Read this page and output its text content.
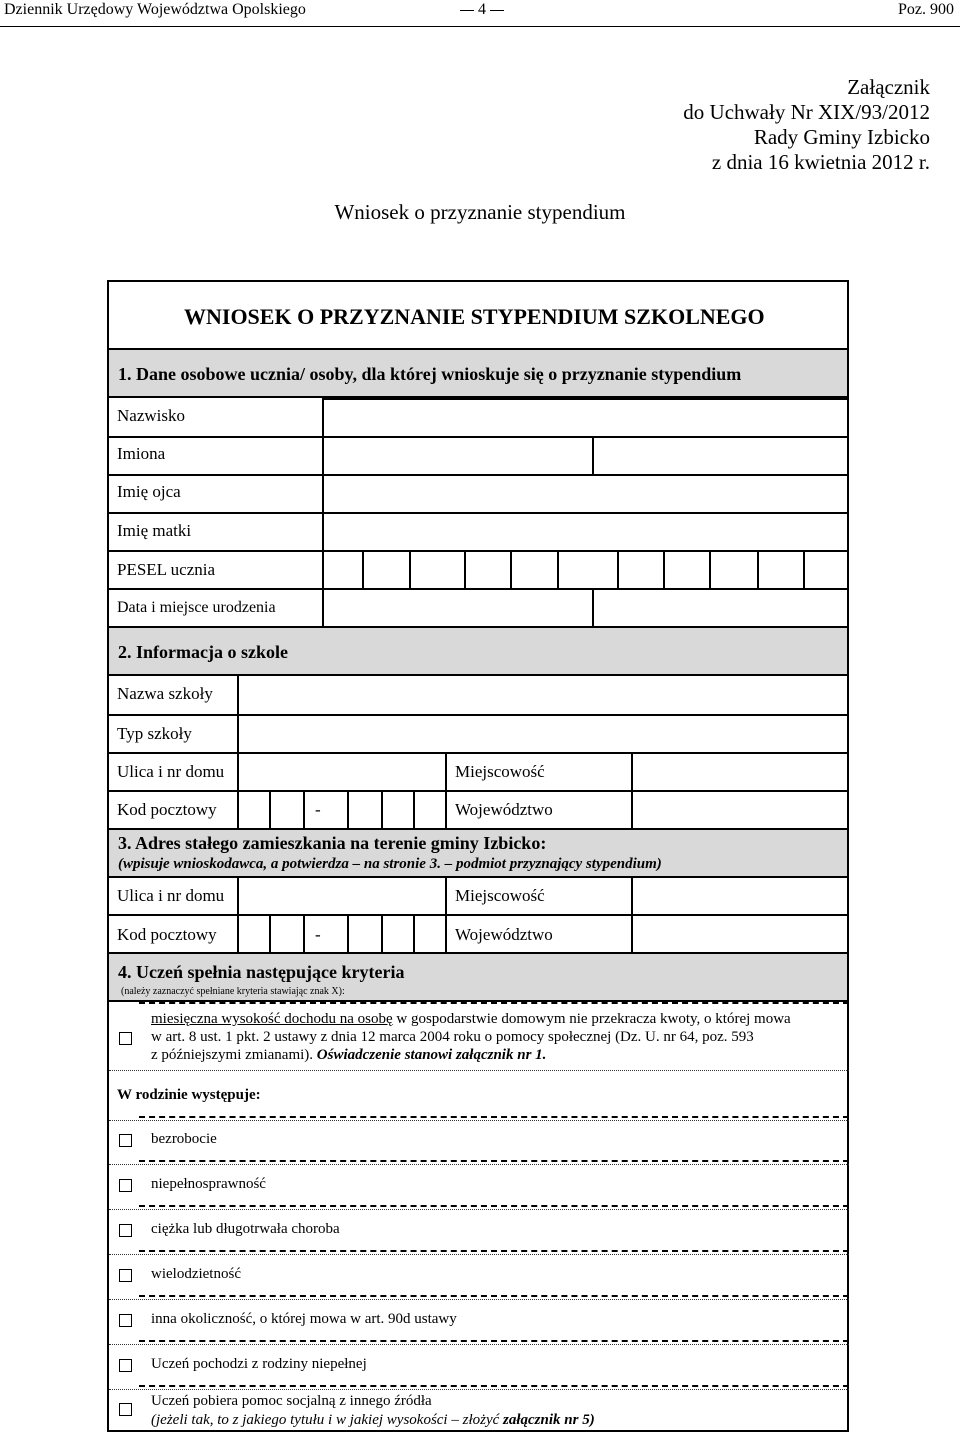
Dziennik Urzędowy Województwa Opolskiego	4	Poz. 900
Załącznik
do Uchwały Nr XIX/93/2012
Rady Gminy Izbicko
z dnia 16 kwietnia 2012 r.
Wniosek o przyznanie stypendium
WNIOSEK O PRZYZNANIE STYPENDIUM SZKOLNEGO
1. Dane osobowe ucznia/ osoby, dla której wnioskuje się o przyznanie stypendium
Nazwisko
Imiona
Imię ojca
Imię matki
PESEL ucznia
Data i miejsce urodzenia
2. Informacja o szkole
Nazwa szkoły
Typ szkoły
Ulica i nr domu	Miejscowość
Kod pocztowy	-	Województwo
3. Adres stałego zamieszkania na terenie gminy Izbicko:
(wpisuje wnioskodawca, a potwierdza – na stronie 3. – podmiot przyznający stypendium)
Ulica i nr domu	Miejscowość
Kod pocztowy	-	Województwo
4. Uczeń spełnia następujące kryteria
(należy zaznaczyć spełniane kryteria stawiając znak X):
miesięczna wysokość dochodu na osobę w gospodarstwie domowym nie przekracza kwoty, o której mowa
w art. 8 ust. 1 pkt. 2 ustawy z dnia 12 marca 2004 roku o pomocy społecznej (Dz. U. nr 64, poz. 593
z późniejszymi zmianami). Oświadczenie stanowi załącznik nr 1.
W rodzinie występuje:
bezrobocie
niepełnosprawność
ciężka lub długotrwała choroba
wielodzietność
inna okoliczność, o której mowa w art. 90d ustawy
Uczeń pochodzi z rodziny niepełnej
Uczeń pobiera pomoc socjalną z innego źródła
(jeżeli tak, to z jakiego tytułu i w jakiej wysokości – złożyć załącznik nr 5)
